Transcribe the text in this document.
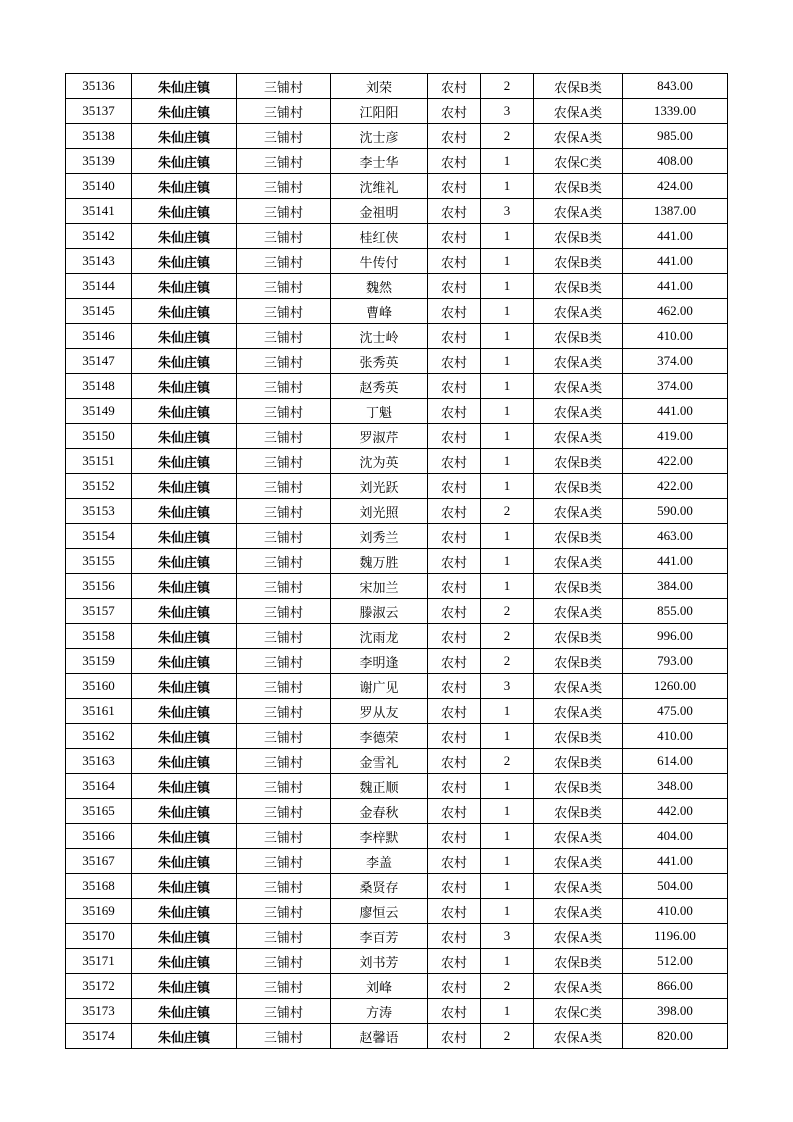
35136	朱仙庄镇	三铺村	刘荣	农村	2	农保B类	843.00
35137	朱仙庄镇	三铺村	江阳阳	农村	3	农保A类	1339.00
35138	朱仙庄镇	三铺村	沈士彦	农村	2	农保A类	985.00
35139	朱仙庄镇	三铺村	李士华	农村	1	农保C类	408.00
35140	朱仙庄镇	三铺村	沈维礼	农村	1	农保B类	424.00
35141	朱仙庄镇	三铺村	金祖明	农村	3	农保A类	1387.00
35142	朱仙庄镇	三铺村	桂红侠	农村	1	农保B类	441.00
35143	朱仙庄镇	三铺村	牛传付	农村	1	农保B类	441.00
35144	朱仙庄镇	三铺村	魏然	农村	1	农保B类	441.00
35145	朱仙庄镇	三铺村	曹峰	农村	1	农保A类	462.00
35146	朱仙庄镇	三铺村	沈士岭	农村	1	农保B类	410.00
35147	朱仙庄镇	三铺村	张秀英	农村	1	农保A类	374.00
35148	朱仙庄镇	三铺村	赵秀英	农村	1	农保A类	374.00
35149	朱仙庄镇	三铺村	丁魁	农村	1	农保A类	441.00
35150	朱仙庄镇	三铺村	罗淑芹	农村	1	农保A类	419.00
35151	朱仙庄镇	三铺村	沈为英	农村	1	农保B类	422.00
35152	朱仙庄镇	三铺村	刘光跃	农村	1	农保B类	422.00
35153	朱仙庄镇	三铺村	刘光照	农村	2	农保A类	590.00
35154	朱仙庄镇	三铺村	刘秀兰	农村	1	农保B类	463.00
35155	朱仙庄镇	三铺村	魏万胜	农村	1	农保A类	441.00
35156	朱仙庄镇	三铺村	宋加兰	农村	1	农保B类	384.00
35157	朱仙庄镇	三铺村	滕淑云	农村	2	农保A类	855.00
35158	朱仙庄镇	三铺村	沈雨龙	农村	2	农保B类	996.00
35159	朱仙庄镇	三铺村	李明逢	农村	2	农保B类	793.00
35160	朱仙庄镇	三铺村	谢广见	农村	3	农保A类	1260.00
35161	朱仙庄镇	三铺村	罗从友	农村	1	农保A类	475.00
35162	朱仙庄镇	三铺村	李德荣	农村	1	农保B类	410.00
35163	朱仙庄镇	三铺村	金雪礼	农村	2	农保B类	614.00
35164	朱仙庄镇	三铺村	魏正顺	农村	1	农保B类	348.00
35165	朱仙庄镇	三铺村	金春秋	农村	1	农保B类	442.00
35166	朱仙庄镇	三铺村	李梓默	农村	1	农保A类	404.00
35167	朱仙庄镇	三铺村	李盖	农村	1	农保A类	441.00
35168	朱仙庄镇	三铺村	桑贤存	农村	1	农保A类	504.00
35169	朱仙庄镇	三铺村	廖恒云	农村	1	农保A类	410.00
35170	朱仙庄镇	三铺村	李百芳	农村	3	农保A类	1196.00
35171	朱仙庄镇	三铺村	刘书芳	农村	1	农保B类	512.00
35172	朱仙庄镇	三铺村	刘峰	农村	2	农保A类	866.00
35173	朱仙庄镇	三铺村	方涛	农村	1	农保C类	398.00
35174	朱仙庄镇	三铺村	赵馨语	农村	2	农保A类	820.00
